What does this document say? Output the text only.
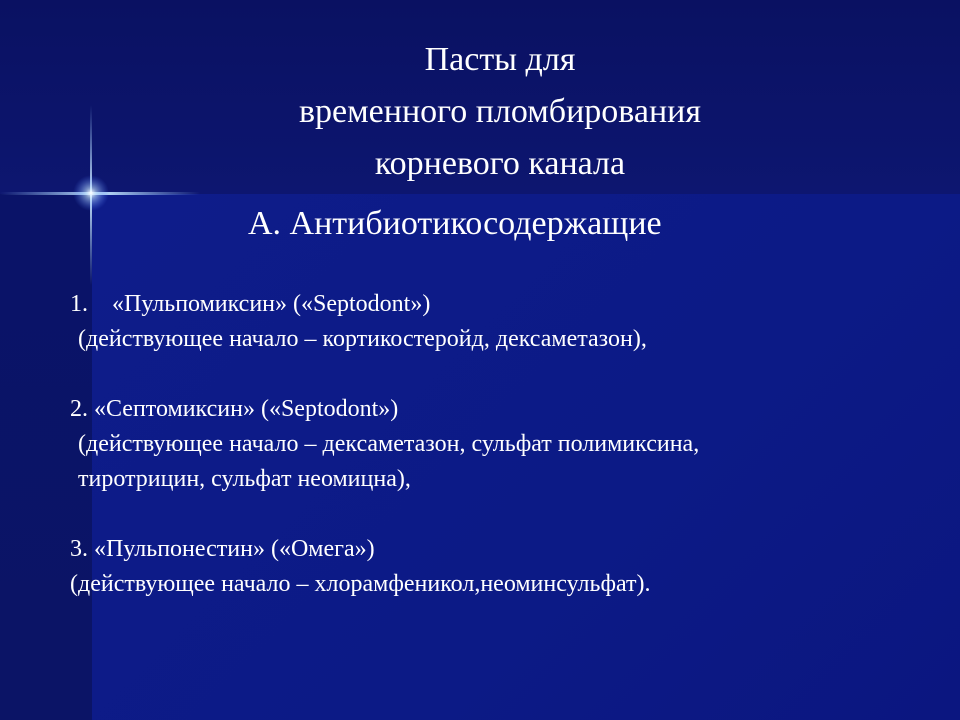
Пасты для
временного пломбирования
корневого канала
А. Антибиотикосодержащие
1. «Пульпомиксин» («Septodont»)
(действующее начало – кортикостеройд, дексаметазон),
2. «Септомиксин» («Septodont»)
(действующее начало – дексаметазон, сульфат полимиксина,
тиротрицин, сульфат неомицна),
3. «Пульпонестин» («Омега»)
(действующее начало – хлорамфеникол,неоминсульфат).
